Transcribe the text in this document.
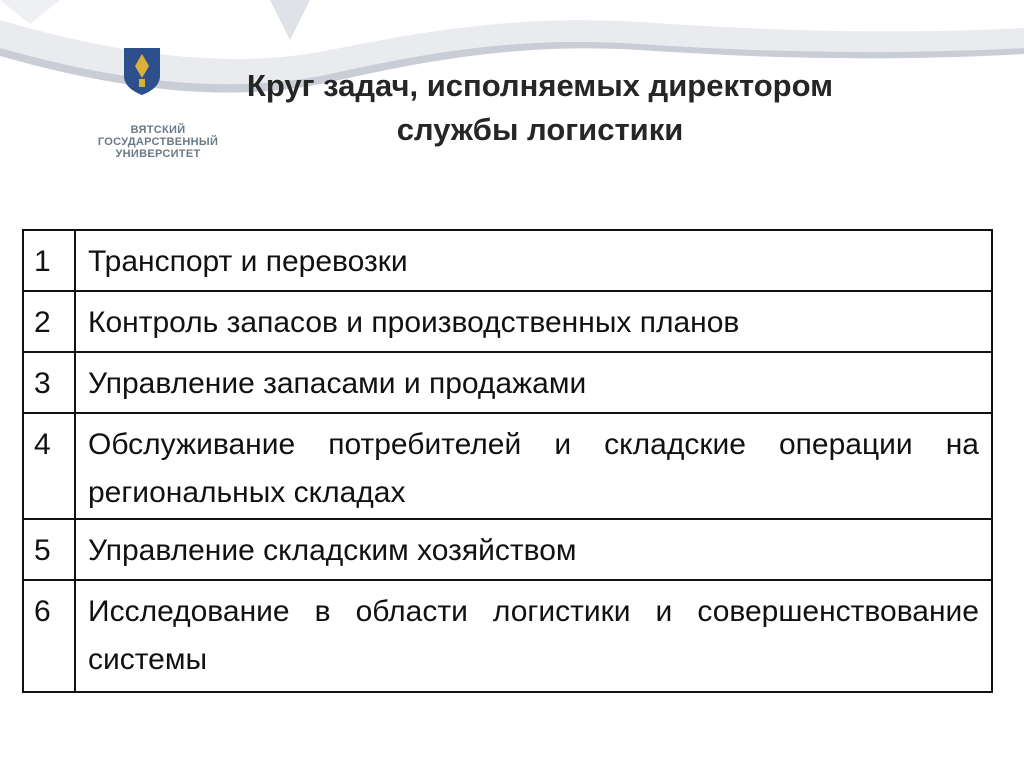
ВЯТСКИЙ
ГОСУДАРСТВЕННЫЙ
УНИВЕРСИТЕТ
Круг задач, исполняемых директором
службы логистики
1	Транспорт и перевозки
2	Контроль запасов и производственных планов
3	Управление запасами и продажами
4	Обслуживание потребителей и складские операции на региональных складах
5	Управление складским хозяйством
6	Исследование в области логистики и совершенствование системы
